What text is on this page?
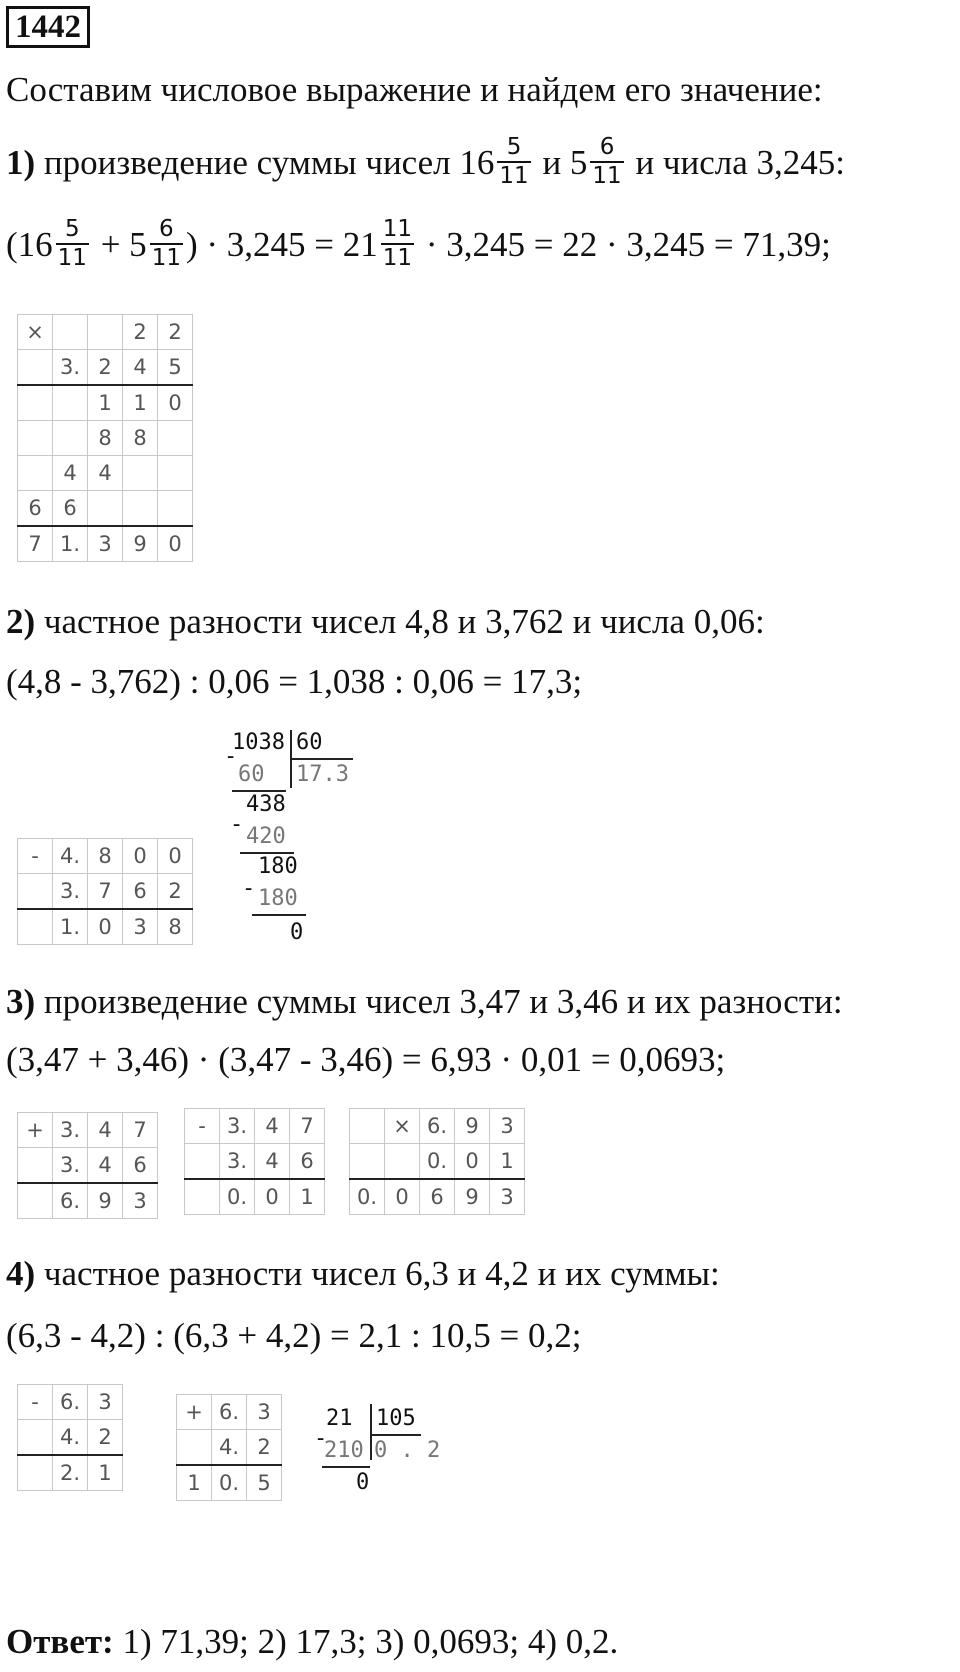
1442
Составим числовое выражение и найдем его значение:
1) произведение суммы чисел $16 \frac{5}{11}$ и $5 \frac{6}{11}$ и числа 3,245:
($16 \frac{5}{11} + 5 \frac{6}{11}$ ) · $3,245 = 21 \frac{11}{11} \cdot 3,245 = 22 \cdot 3,245 = 71,39$;
×			2	2
	3.	2	4	5
		1	1	0
		8	8	
	4	4		
6	6			
7	1.	3	9	0
2) частное разности чисел 4,8 и 3,762 и числа 0,06:
(4,8 - 3,762) : 0,06 = 1,038 : 0,06 = 17,3;
-	4.	8	0	0
	3.	7	6	2
	1.	0	3	8
-
1038 60
17.3
60
438
- 420
180
- 180
0
3) произведение суммы чисел 3,47 и 3,46 и их разности:
(3,47 + 3,46) · (3,47 - 3,46) = 6,93 · 0,01 = 0,0693;
+	3.	4	7
	3.	4	6
	6.	9	3
-	3.	4	7
	3.	4	6
	0.	0	1
	×	6.	9	3
		0.	0	1
0.	0	6	9	3
4) частное разности чисел 6,3 и 4,2 и их суммы:
(6,3 - 4,2) : (6,3 + 4,2) = 2,1 : 10,5 = 0,2;
-	6.	3
	4.	2
	2.	1
+	6.	3
	4.	2
1	0.	5
21 105
-
210 0 . 2
0
Ответ: 1) 71,39; 2) 17,3; 3) 0,0693; 4) 0,2.
